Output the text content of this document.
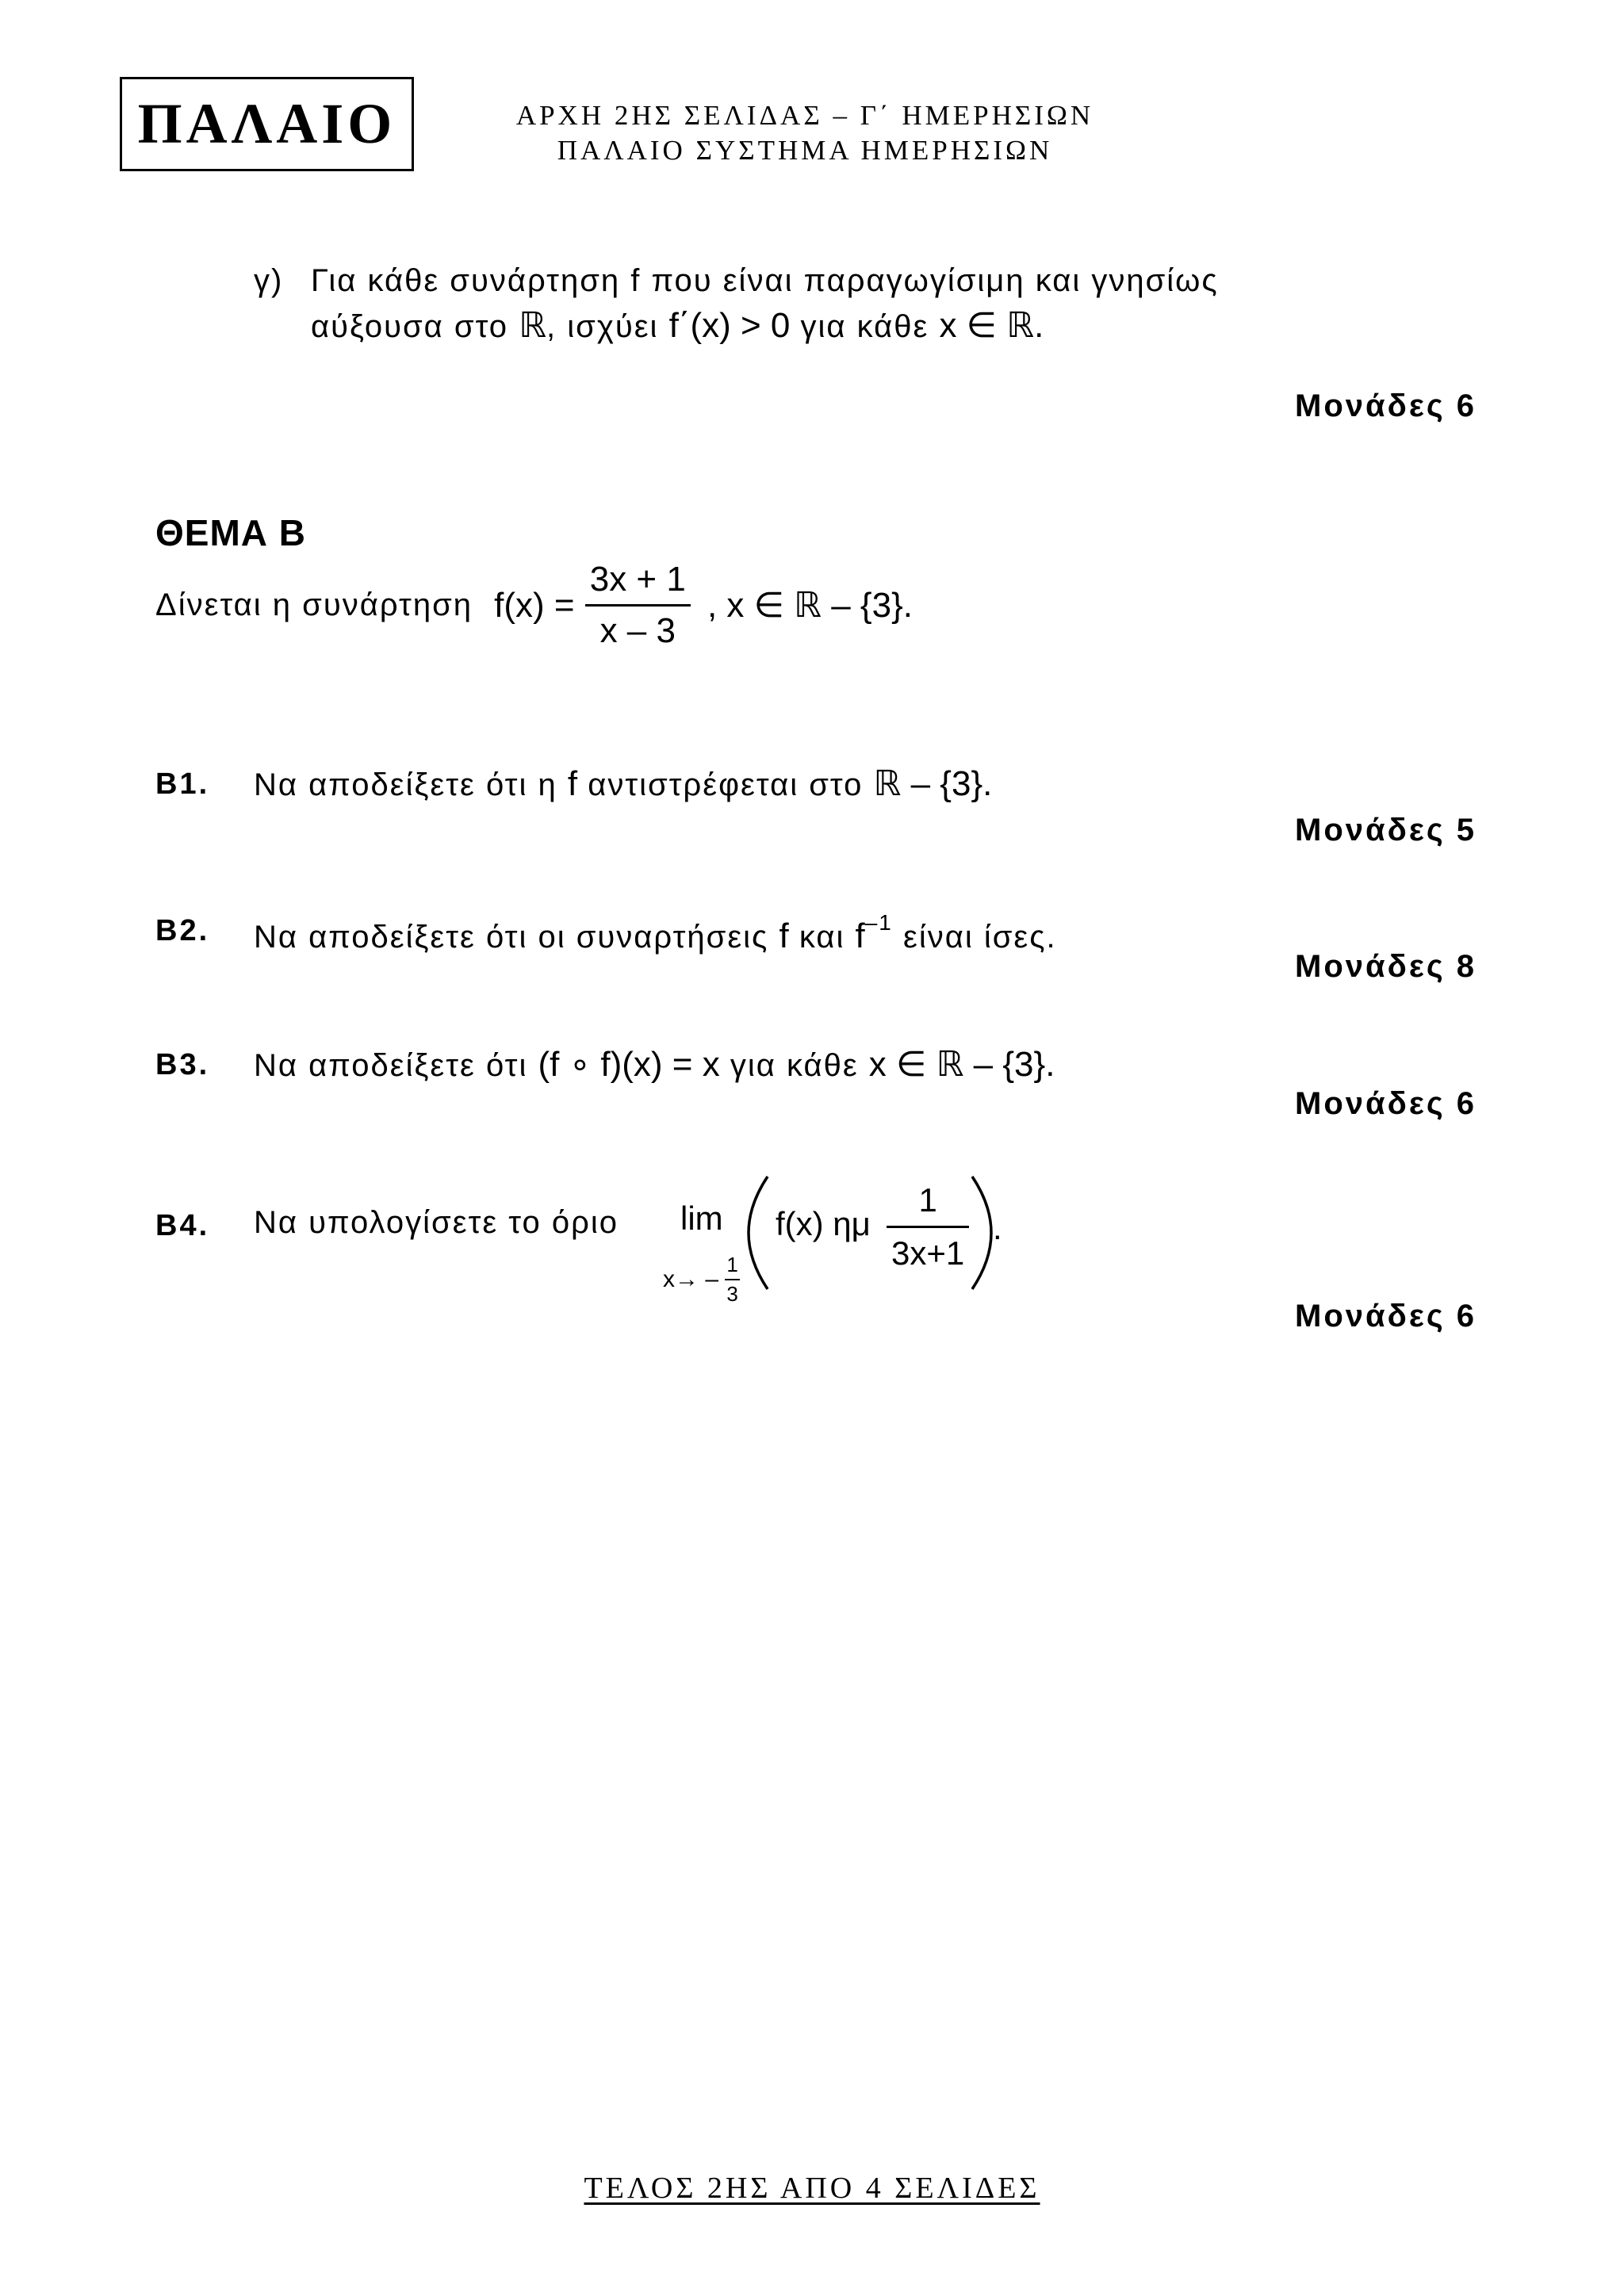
ΠΑΛΑΙΟ	ΑΡΧΗ 2ΗΣ ΣΕΛΙΔΑΣ – Γ΄ ΗΜΕΡΗΣΙΩΝ
ΠΑΛΑΙΟ ΣΥΣΤΗΜΑ ΗΜΕΡΗΣΙΩΝ
γ) Για κάθε συνάρτηση f που είναι παραγωγίσιμη και γνησίως
αύξουσα στο ℝ, ισχύει f΄(x) > 0 για κάθε x ∈ ℝ.
Μονάδες 6
ΘΕΜΑ Β
Δίνεται η συνάρτηση $f(x) = \frac{3x + 1}{x - 3}$ , x ∈ ℝ – {3}.
Β1. Να αποδείξετε ότι η f αντιστρέφεται στο ℝ – {3}.
Μονάδες 5
Β2. Να αποδείξετε ότι οι συναρτήσεις f και $f^{-1}$ είναι ίσες.
Μονάδες 8
Β3. Να αποδείξετε ότι (f ∘ f)(x) = x για κάθε x ∈ ℝ – {3}.
Μονάδες 6
Β4. Να υπολογίσετε το όριο lim
$x\to - \frac{1}{3}$
f(x) ημ $\frac{1}{3x+1}$ .
Μονάδες 6
ΤΕΛΟΣ 2ΗΣ ΑΠΟ 4 ΣΕΛΙΔΕΣ
